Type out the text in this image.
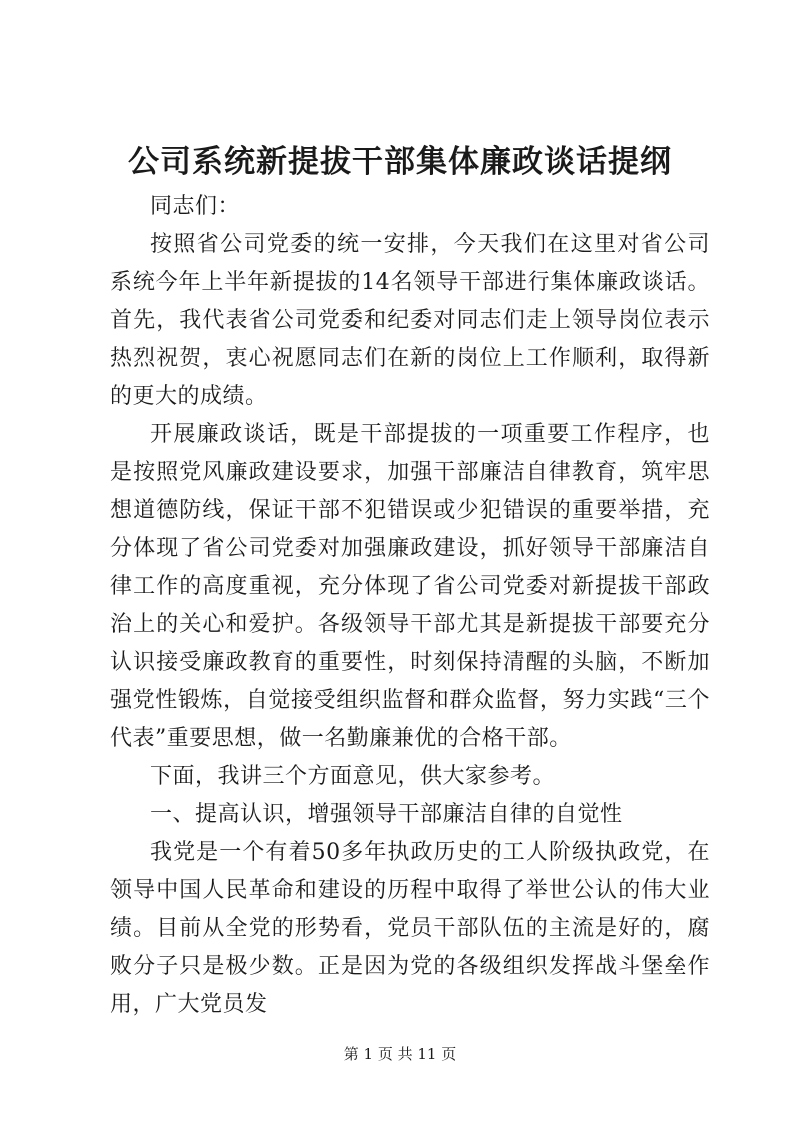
公司系统新提拔干部集体廉政谈话提纲

同志们：

按照省公司党委的统一安排，今天我们在这里对省公司系统今年上半年新提拔的14名领导干部进行集体廉政谈话。首先，我代表省公司党委和纪委对同志们走上领导岗位表示热烈祝贺，衷心祝愿同志们在新的岗位上工作顺利，取得新的更大的成绩。

开展廉政谈话，既是干部提拔的一项重要工作程序，也是按照党风廉政建设要求，加强干部廉洁自律教育，筑牢思想道德防线，保证干部不犯错误或少犯错误的重要举措，充分体现了省公司党委对加强廉政建设，抓好领导干部廉洁自律工作的高度重视，充分体现了省公司党委对新提拔干部政治上的关心和爱护。各级领导干部尤其是新提拔干部要充分认识接受廉政教育的重要性，时刻保持清醒的头脑，不断加强党性锻炼，自觉接受组织监督和群众监督，努力实践“三个代表”重要思想，做一名勤廉兼优的合格干部。

下面，我讲三个方面意见，供大家参考。

一、提高认识，增强领导干部廉洁自律的自觉性

我党是一个有着50多年执政历史的工人阶级执政党，在领导中国人民革命和建设的历程中取得了举世公认的伟大业绩。目前从全党的形势看，党员干部队伍的主流是好的，腐败分子只是极少数。正是因为党的各级组织发挥战斗堡垒作用，广大党员发

第 1 页 共 11 页
